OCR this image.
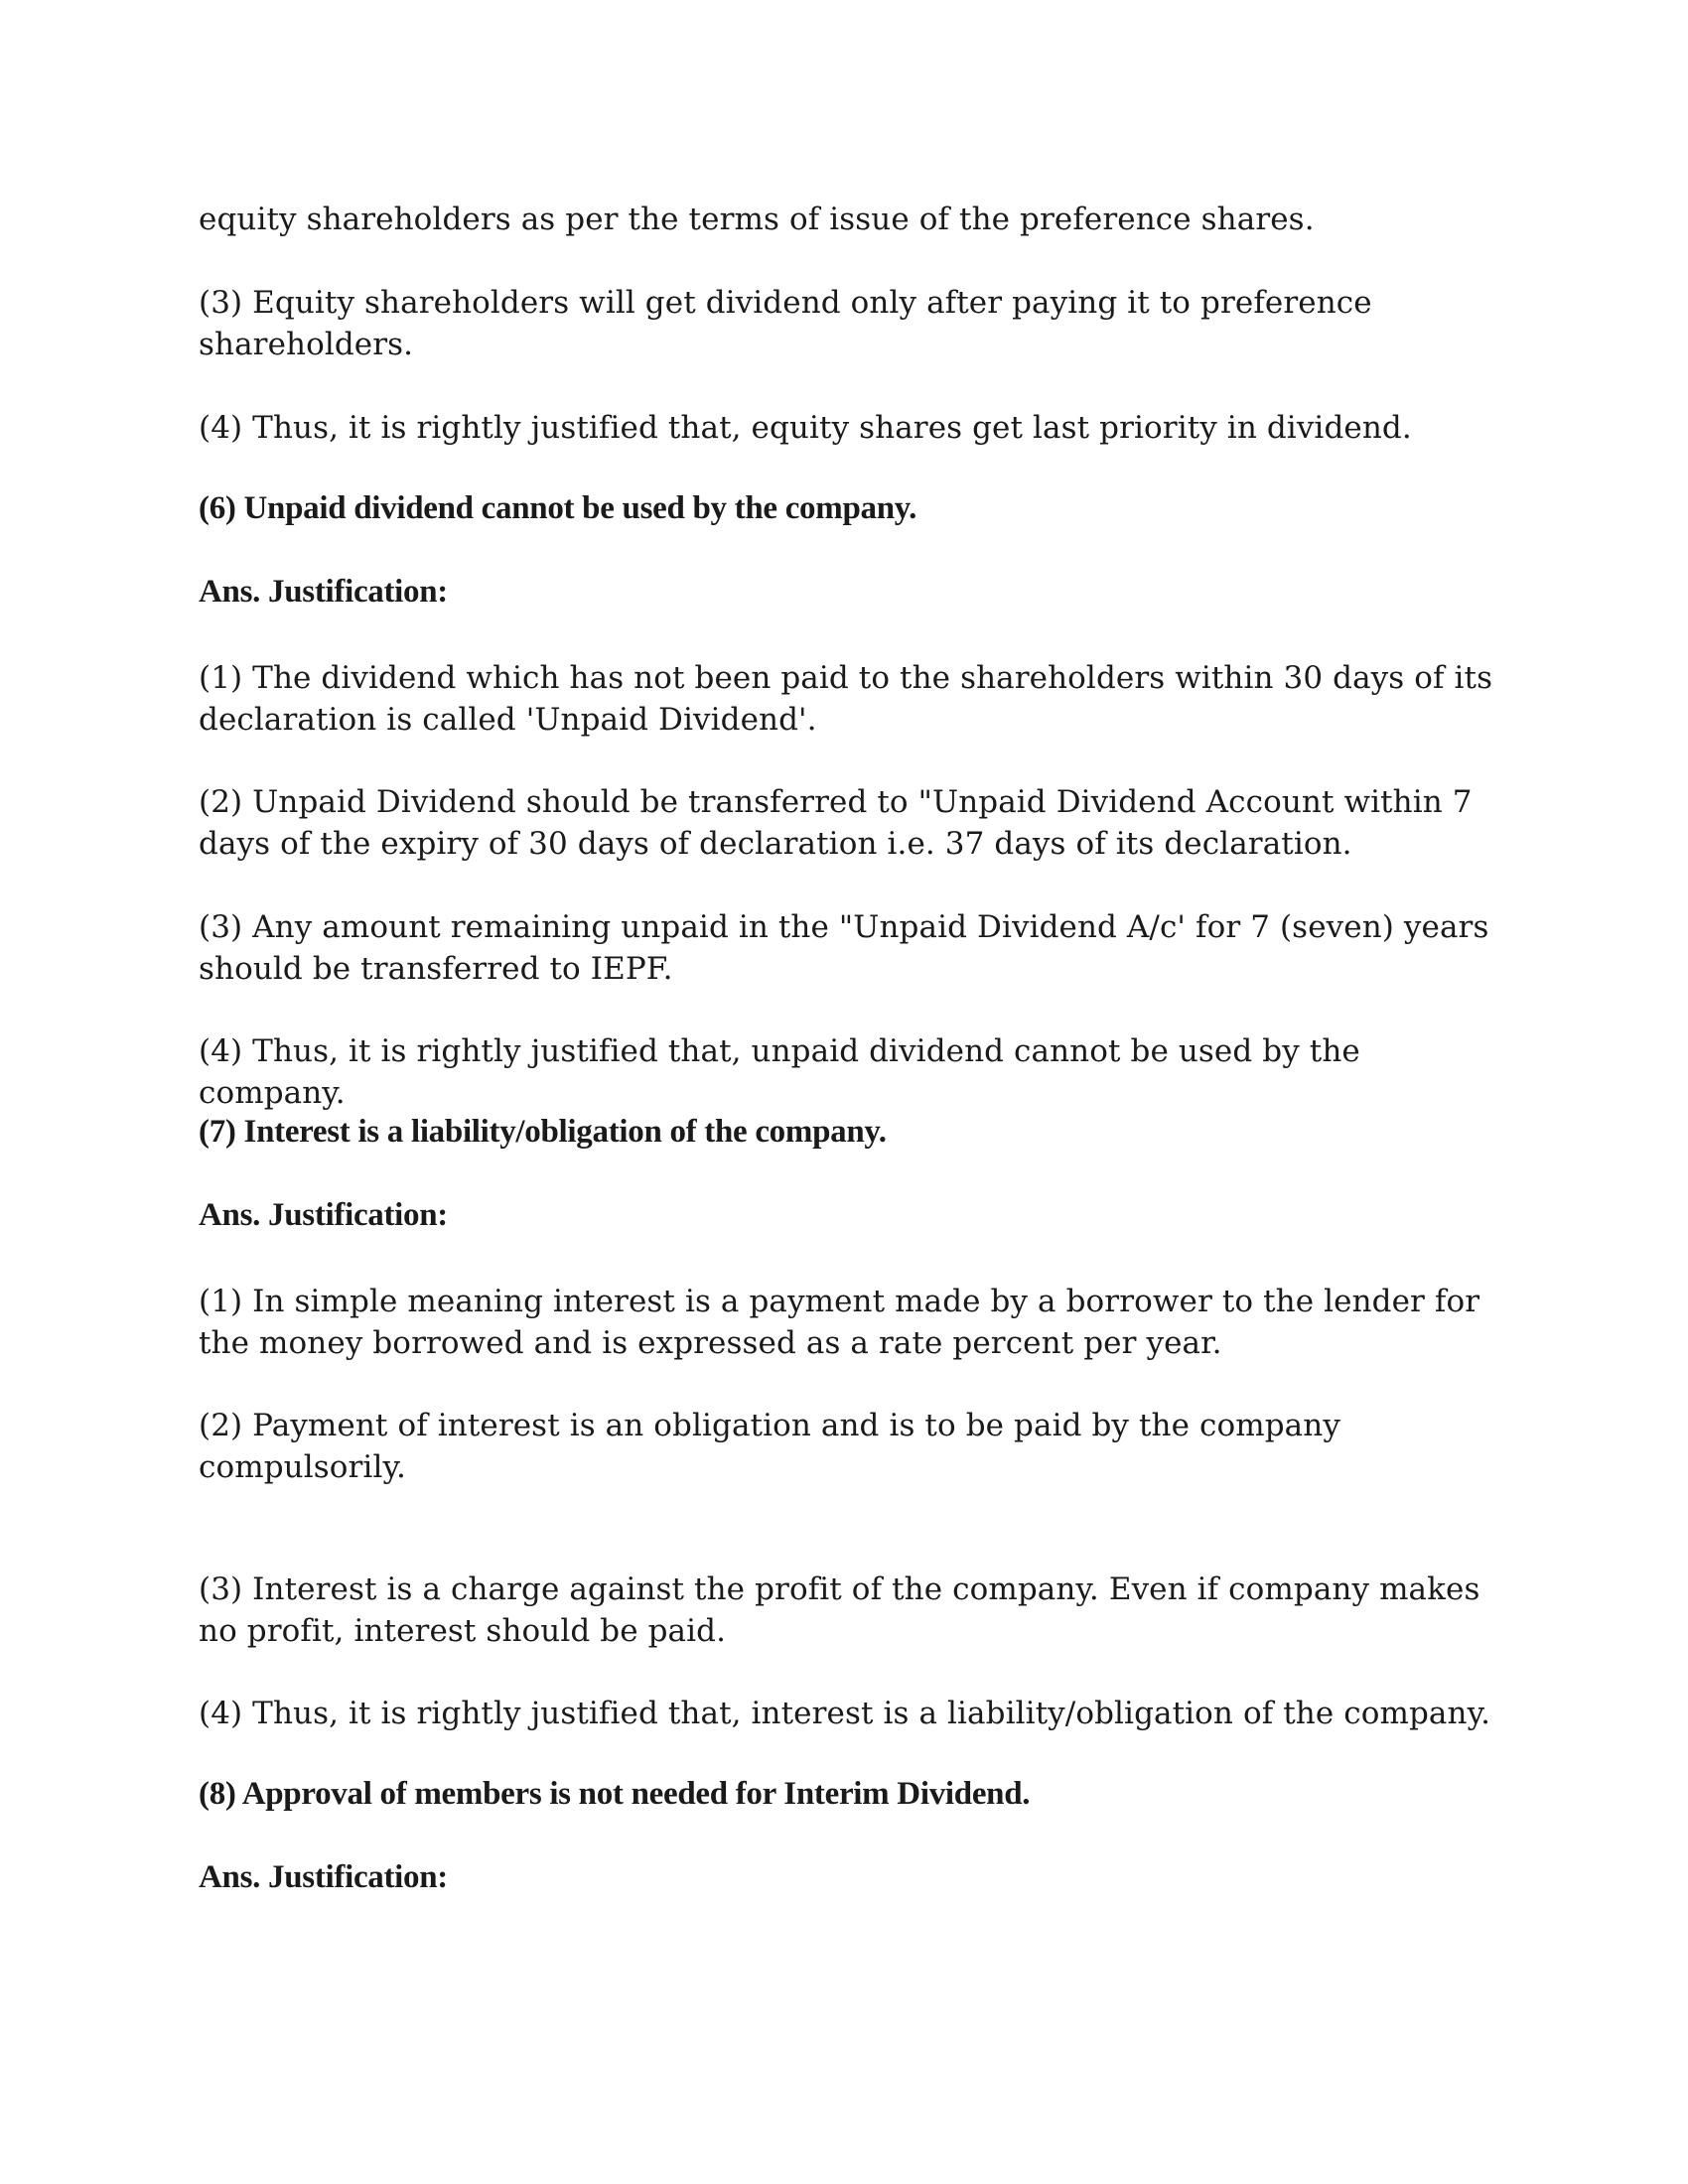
equity shareholders as per the terms of issue of the preference shares.
(3) Equity shareholders will get dividend only after paying it to preference shareholders.
(4) Thus, it is rightly justified that, equity shares get last priority in dividend.
(6) Unpaid dividend cannot be used by the company.
Ans. Justification:
(1) The dividend which has not been paid to the shareholders within 30 days of its declaration is called 'Unpaid Dividend'.
(2) Unpaid Dividend should be transferred to "Unpaid Dividend Account within 7 days of the expiry of 30 days of declaration i.e. 37 days of its declaration.
(3) Any amount remaining unpaid in the "Unpaid Dividend A/c' for 7 (seven) years should be transferred to IEPF.
(4) Thus, it is rightly justified that, unpaid dividend cannot be used by the company.
(7) Interest is a liability/obligation of the company.
Ans. Justification:
(1) In simple meaning interest is a payment made by a borrower to the lender for the money borrowed and is expressed as a rate percent per year.
(2) Payment of interest is an obligation and is to be paid by the company compulsorily.
(3) Interest is a charge against the profit of the company. Even if company makes no profit, interest should be paid.
(4) Thus, it is rightly justified that, interest is a liability/obligation of the company.
(8) Approval of members is not needed for Interim Dividend.
Ans. Justification:
